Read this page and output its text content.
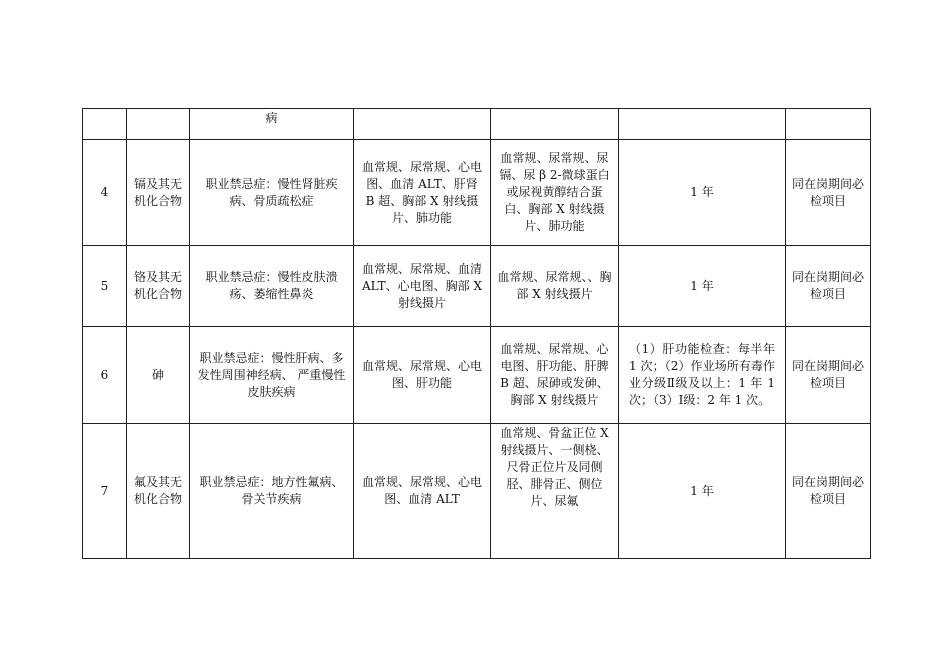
		病				
4	镉及其无机化合物	职业禁忌症：慢性肾脏疾病、骨质疏松症	血常规、尿常规、心电图、血清 ALT、肝肾 B 超、胸部 X 射线摄片、肺功能	血常规、尿常规、尿镉、尿 β 2-微球蛋白或尿视黄醇结合蛋白、胸部 X 射线摄片、肺功能	1 年	同在岗期间必检项目
5	铬及其无机化合物	职业禁忌症：慢性皮肤溃疡、萎缩性鼻炎	血常规、尿常规、血清 ALT、心电图、胸部 X 射线摄片	血常规、尿常规、、胸部 X 射线摄片	1 年	同在岗期间必检项目
6	砷	职业禁忌症：慢性肝病、多发性周围神经病、 严重慢性皮肤疾病	血常规、尿常规、心电图、肝功能	血常规、尿常规、心电图、肝功能、肝脾 B 超、尿砷或发砷、胸部 X 射线摄片	（1）肝功能检查：每半年 1 次；（2）作业场所有毒作业分级Ⅱ级及以上：1 年 1 次；（3）Ⅰ级：2 年 1 次。	同在岗期间必检项目
7	氟及其无机化合物	职业禁忌症：地方性氟病、骨关节疾病	血常规、尿常规、心电图、血清 ALT	血常规、骨盆正位 X 射线摄片、一侧桡、尺骨正位片及同侧胫、腓骨正、侧位片、尿氟	1 年	同在岗期间必检项目
